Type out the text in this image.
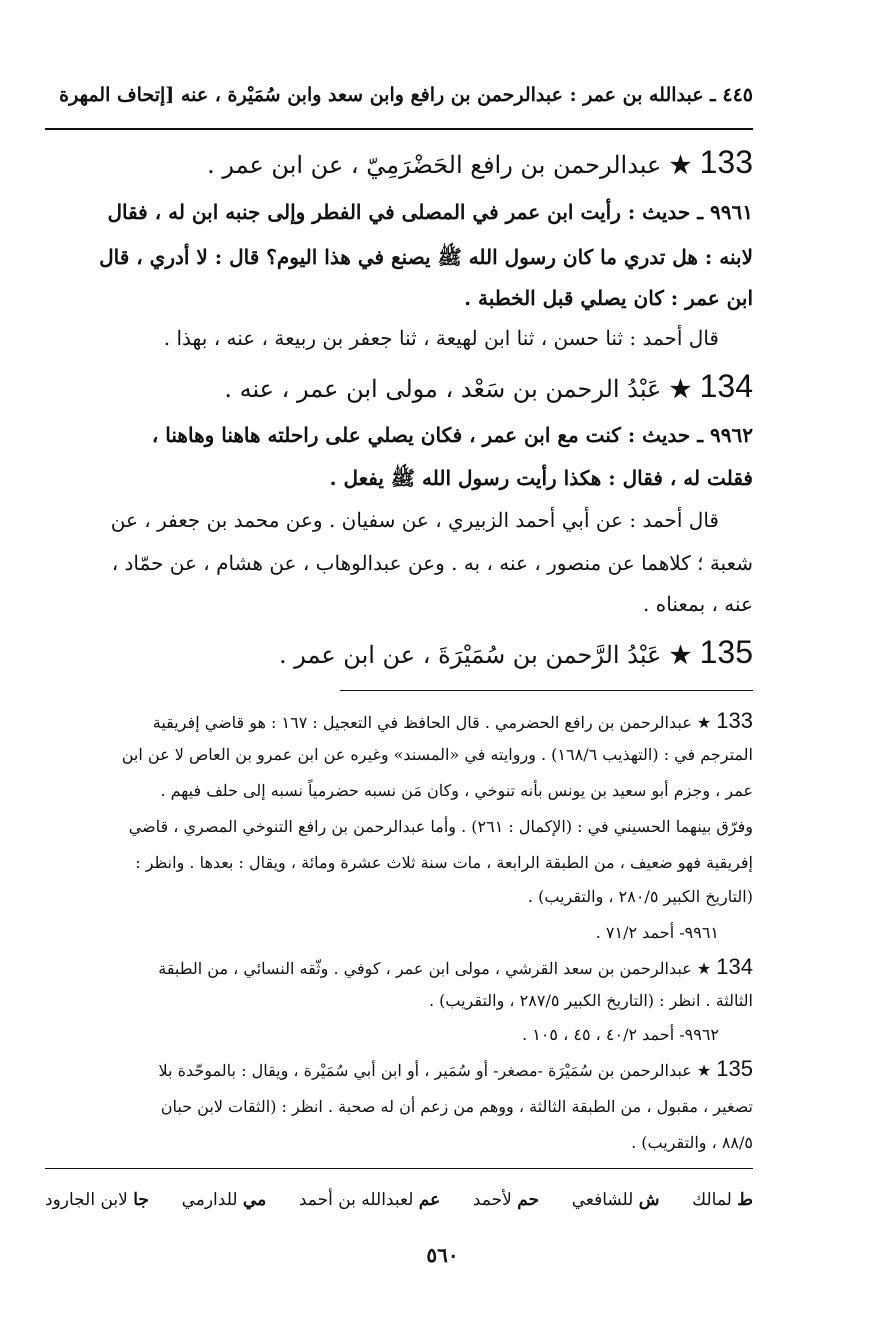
٤٤٥ ـ عبدالله بن عمر : عبدالرحمن بن رافع وابن سعد وابن سُمَيْرة ، عنه [إتحاف المهرة
133 ★ عبدالرحمن بن رافع الحَضْرَمِيّ ، عن ابن عمر .
٩٩٦١ ـ حديث : رأيت ابن عمر في المصلى في الفطر وإلى جنبه ابن له ، فقال
لابنه : هل تدري ما كان رسول الله ﷺ يصنع في هذا اليوم؟ قال : لا أدري ، قال
ابن عمر : كان يصلي قبل الخطبة .
قال أحمد : ثنا حسن ، ثنا ابن لهيعة ، ثنا جعفر بن ربيعة ، عنه ، بهذا .
134 ★ عَبْدُ الرحمن بن سَعْد ، مولى ابن عمر ، عنه .
٩٩٦٢ ـ حديث : كنت مع ابن عمر ، فكان يصلي على راحلته هاهنا وهاهنا ،
فقلت له ، فقال : هكذا رأيت رسول الله ﷺ يفعل .
قال أحمد : عن أبي أحمد الزبيري ، عن سفيان . وعن محمد بن جعفر ، عن
شعبة ؛ كلاهما عن منصور ، عنه ، به . وعن عبدالوهاب ، عن هشام ، عن حمّاد ،
عنه ، بمعناه .
135 ★ عَبْدُ الرَّحمن بن سُمَيْرَةَ ، عن ابن عمر .
133 ★ عبدالرحمن بن رافع الحضرمي . قال الحافظ في التعجيل : ١٦٧ : هو قاضي إفريقية
المترجم في : (التهذيب ١٦٨/٦) . وروايته في «المسند» وغيره عن ابن عمرو بن العاص لا عن ابن
عمر ، وجزم أبو سعيد بن يونس بأنه تنوخي ، وكان مَن نسبه حضرمياً نسبه إلى حلف فيهم .
وفرّق بينهما الحسيني في : (الإكمال : ٢٦١) . وأما عبدالرحمن بن رافع التنوخي المصري ، قاضي
إفريقية فهو ضعيف ، من الطبقة الرابعة ، مات سنة ثلاث عشرة ومائة ، ويقال : بعدها . وانظر :
(التاريخ الكبير ٢٨٠/٥ ، والتقريب) .
٩٩٦١- أحمد ٧١/٢ .
134 ★ عبدالرحمن بن سعد القرشي ، مولى ابن عمر ، كوفي . وثّقه النسائي ، من الطبقة
الثالثة . انظر : (التاريخ الكبير ٢٨٧/٥ ، والتقريب) .
٩٩٦٢- أحمد ٤٠/٢ ، ٤٥ ، ١٠٥ .
135 ★ عبدالرحمن بن سُمَيْرَة -مصغر- أو سُمَير ، أو ابن أبي سُمَيْرة ، ويقال : بالموحّدة بلا
تصغير ، مقبول ، من الطبقة الثالثة ، ووهم من زعم أن له صحبة . انظر : (الثقات لابن حبان
٨٨/٥ ، والتقريب) .
ط لمالك
ش للشافعي
حم لأحمد
عم لعبدالله بن أحمد
مي للدارمي
جا لابن الجارود
٥٦٠
